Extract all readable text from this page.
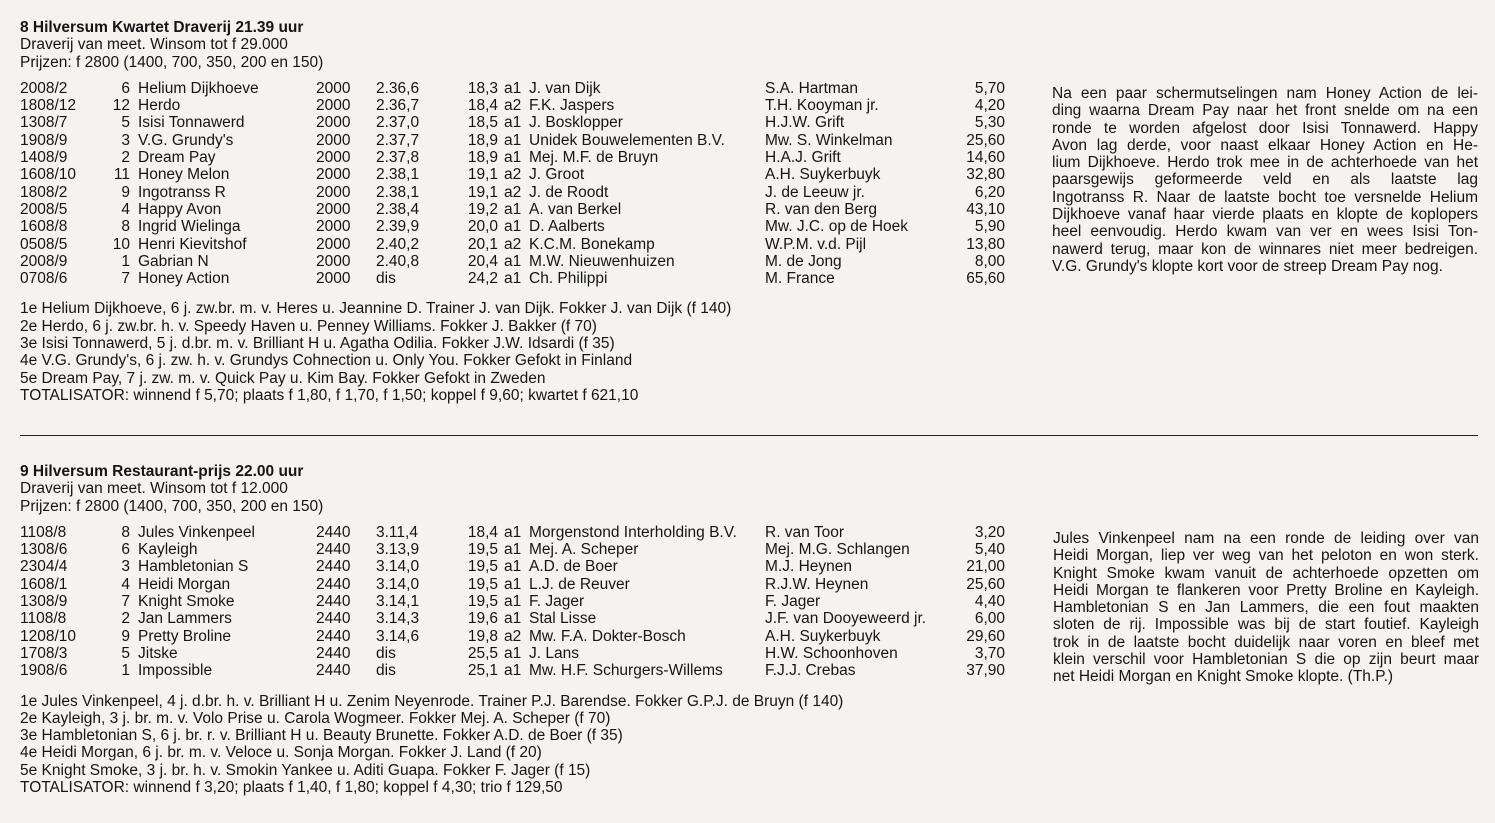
8 Hilversum Kwartet Draverij 21.39 uur
Draverij van meet. Winsom tot f 29.000
Prijzen: f 2800 (1400, 700, 350, 200 en 150)
2008/2	6	Helium Dijkhoeve	2000	2.36,6	18,3	a1	J. van Dijk	S.A. Hartman	5,70
1808/12	12	Herdo	2000	2.36,7	18,4	a2	F.K. Jaspers	T.H. Kooyman jr.	4,20
1308/7	5	Isisi Tonnawerd	2000	2.37,0	18,5	a1	J. Bosklopper	H.J.W. Grift	5,30
1908/9	3	V.G. Grundy's	2000	2.37,7	18,9	a1	Unidek Bouwelementen B.V.	Mw. S. Winkelman	25,60
1408/9	2	Dream Pay	2000	2.37,8	18,9	a1	Mej. M.F. de Bruyn	H.A.J. Grift	14,60
1608/10	11	Honey Melon	2000	2.38,1	19,1	a2	J. Groot	A.H. Suykerbuyk	32,80
1808/2	9	Ingotranss R	2000	2.38,1	19,1	a2	J. de Roodt	J. de Leeuw jr.	6,20
2008/5	4	Happy Avon	2000	2.38,4	19,2	a1	A. van Berkel	R. van den Berg	43,10
1608/8	8	Ingrid Wielinga	2000	2.39,9	20,0	a1	D. Aalberts	Mw. J.C. op de Hoek	5,90
0508/5	10	Henri Kievitshof	2000	2.40,2	20,1	a2	K.C.M. Bonekamp	W.P.M. v.d. Pijl	13,80
2008/9	1	Gabrian N	2000	2.40,8	20,4	a1	M.W. Nieuwenhuizen	M. de Jong	8,00
0708/6	7	Honey Action	2000	dis	24,2	a1	Ch. Philippi	M. France	65,60
Na een paar schermutselingen nam Honey Action de lei-
ding waarna Dream Pay naar het front snelde om na een
ronde te worden afgelost door Isisi Tonnawerd. Happy
Avon lag derde, voor naast elkaar Honey Action en He-
lium Dijkhoeve. Herdo trok mee in de achterhoede van het
paarsgewijs geformeerde veld en als laatste lag
Ingotranss R. Naar de laatste bocht toe versnelde Helium
Dijkhoeve vanaf haar vierde plaats en klopte de koplopers
heel eenvoudig. Herdo kwam van ver en wees Isisi Ton-
nawerd terug, maar kon de winnares niet meer bedreigen.
V.G. Grundy's klopte kort voor de streep Dream Pay nog.
1e Helium Dijkhoeve, 6 j. zw.br. m. v. Heres u. Jeannine D. Trainer J. van Dijk. Fokker J. van Dijk (f 140)
2e Herdo, 6 j. zw.br. h. v. Speedy Haven u. Penney Williams. Fokker J. Bakker (f 70)
3e Isisi Tonnawerd, 5 j. d.br. m. v. Brilliant H u. Agatha Odilia. Fokker J.W. Idsardi (f 35)
4e V.G. Grundy's, 6 j. zw. h. v. Grundys Cohnection u. Only You. Fokker Gefokt in Finland
5e Dream Pay, 7 j. zw. m. v. Quick Pay u. Kim Bay. Fokker Gefokt in Zweden
TOTALISATOR: winnend f 5,70; plaats f 1,80, f 1,70, f 1,50; koppel f 9,60; kwartet f 621,10
9 Hilversum Restaurant-prijs 22.00 uur
Draverij van meet. Winsom tot f 12.000
Prijzen: f 2800 (1400, 700, 350, 200 en 150)
1108/8	8	Jules Vinkenpeel	2440	3.11,4	18,4	a1	Morgenstond Interholding B.V.	R. van Toor	3,20
1308/6	6	Kayleigh	2440	3.13,9	19,5	a1	Mej. A. Scheper	Mej. M.G. Schlangen	5,40
2304/4	3	Hambletonian S	2440	3.14,0	19,5	a1	A.D. de Boer	M.J. Heynen	21,00
1608/1	4	Heidi Morgan	2440	3.14,0	19,5	a1	L.J. de Reuver	R.J.W. Heynen	25,60
1308/9	7	Knight Smoke	2440	3.14,1	19,5	a1	F. Jager	F. Jager	4,40
1108/8	2	Jan Lammers	2440	3.14,3	19,6	a1	Stal Lisse	J.F. van Dooyeweerd jr.	6,00
1208/10	9	Pretty Broline	2440	3.14,6	19,8	a2	Mw. F.A. Dokter-Bosch	A.H. Suykerbuyk	29,60
1708/3	5	Jitske	2440	dis	25,5	a1	J. Lans	H.W. Schoonhoven	3,70
1908/6	1	Impossible	2440	dis	25,1	a1	Mw. H.F. Schurgers-Willems	F.J.J. Crebas	37,90
Jules Vinkenpeel nam na een ronde de leiding over van
Heidi Morgan, liep ver weg van het peloton en won sterk.
Knight Smoke kwam vanuit de achterhoede opzetten om
Heidi Morgan te flankeren voor Pretty Broline en Kayleigh.
Hambletonian S en Jan Lammers, die een fout maakten
sloten de rij. Impossible was bij de start foutief. Kayleigh
trok in de laatste bocht duidelijk naar voren en bleef met
klein verschil voor Hambletonian S die op zijn beurt maar
net Heidi Morgan en Knight Smoke klopte. (Th.P.)
1e Jules Vinkenpeel, 4 j. d.br. h. v. Brilliant H u. Zenim Neyenrode. Trainer P.J. Barendse. Fokker G.P.J. de Bruyn (f 140)
2e Kayleigh, 3 j. br. m. v. Volo Prise u. Carola Wogmeer. Fokker Mej. A. Scheper (f 70)
3e Hambletonian S, 6 j. br. r. v. Brilliant H u. Beauty Brunette. Fokker A.D. de Boer (f 35)
4e Heidi Morgan, 6 j. br. m. v. Veloce u. Sonja Morgan. Fokker J. Land (f 20)
5e Knight Smoke, 3 j. br. h. v. Smokin Yankee u. Aditi Guapa. Fokker F. Jager (f 15)
TOTALISATOR: winnend f 3,20; plaats f 1,40, f 1,80; koppel f 4,30; trio f 129,50
